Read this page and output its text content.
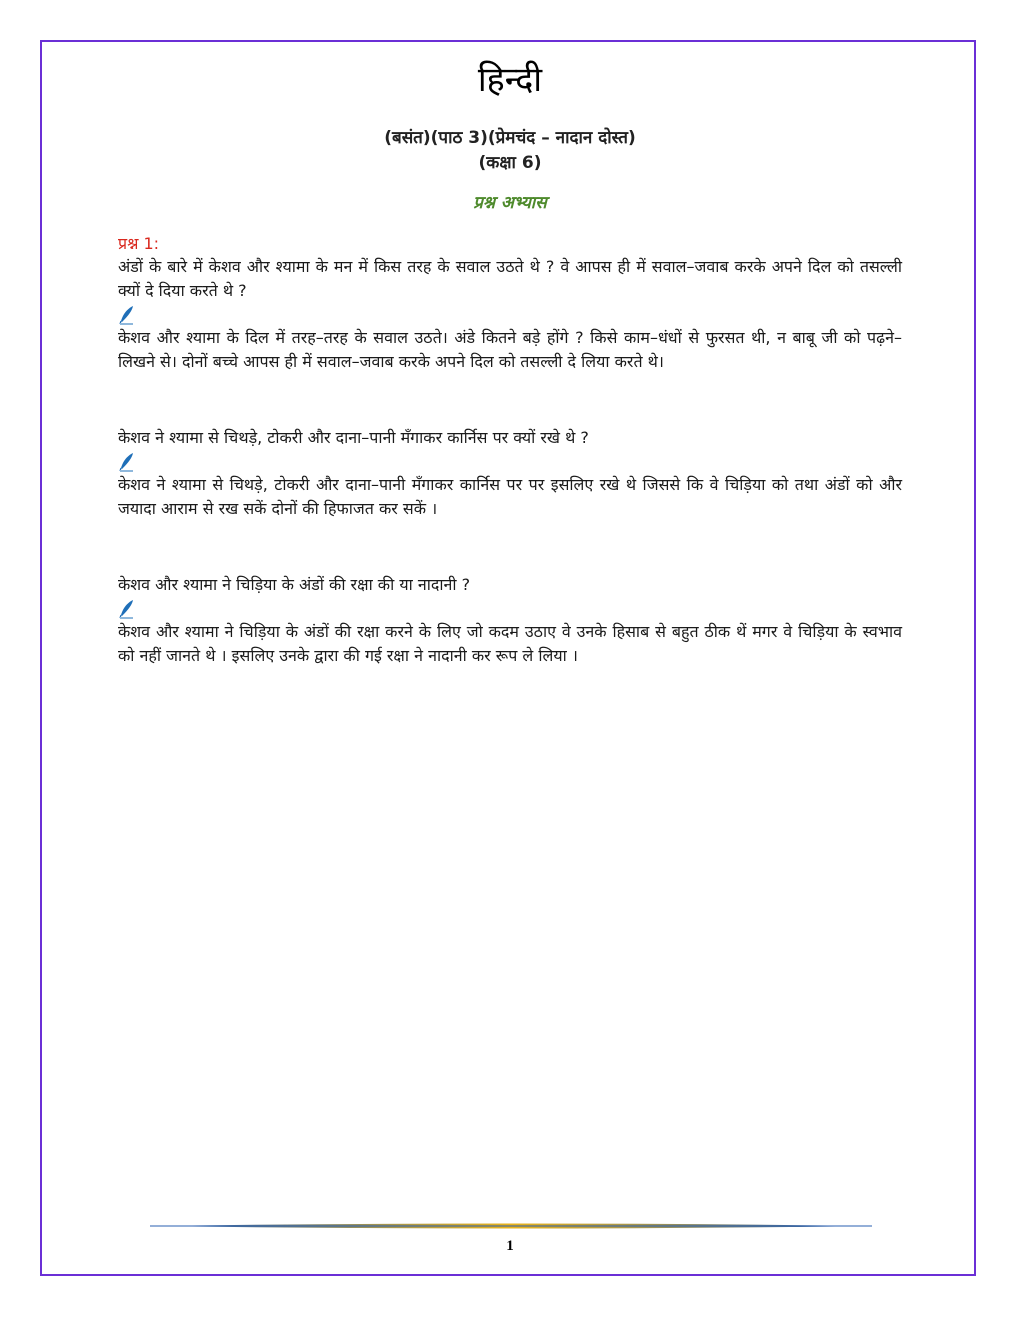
हिन्दी
(बसंत)(पाठ 3)(प्रेमचंद – नादान दोस्त)
(कक्षा 6)
प्रश्न अभ्यास
प्रश्न 1:

अंडों के बारे में केशव और श्यामा के मन में किस तरह के सवाल उठते थे ? वे आपस ही में सवाल–जवाब करके अपने दिल को तसल्ली क्यों दे दिया करते थे ?

केशव और श्यामा के दिल में तरह–तरह के सवाल उठते। अंडे कितने बड़े होंगे ? किसे काम–धंधों से फुरसत थी, न बाबू जी को पढ़ने–लिखने से। दोनों बच्चे आपस ही में सवाल–जवाब करके अपने दिल को तसल्ली दे लिया करते थे।

केशव ने श्यामा से चिथड़े, टोकरी और दाना–पानी मँगाकर कार्निस पर क्यों रखे थे ?

केशव ने श्यामा से चिथड़े, टोकरी और दाना–पानी मँगाकर कार्निस पर पर इसलिए रखे थे जिससे कि वे चिड़िया को तथा अंडों को और जयादा आराम से रख सकें दोनों की हिफाजत कर सकें ।

केशव और श्यामा ने चिड़िया के अंडों की रक्षा की या नादानी ?

केशव और श्यामा ने चिड़िया के अंडों की रक्षा करने के लिए जो कदम उठाए वे उनके हिसाब से बहुत ठीक थें मगर वे चिड़िया के स्वभाव को नहीं जानते थे । इसलिए उनके द्वारा की गई रक्षा ने नादानी कर रूप ले लिया ।

1
